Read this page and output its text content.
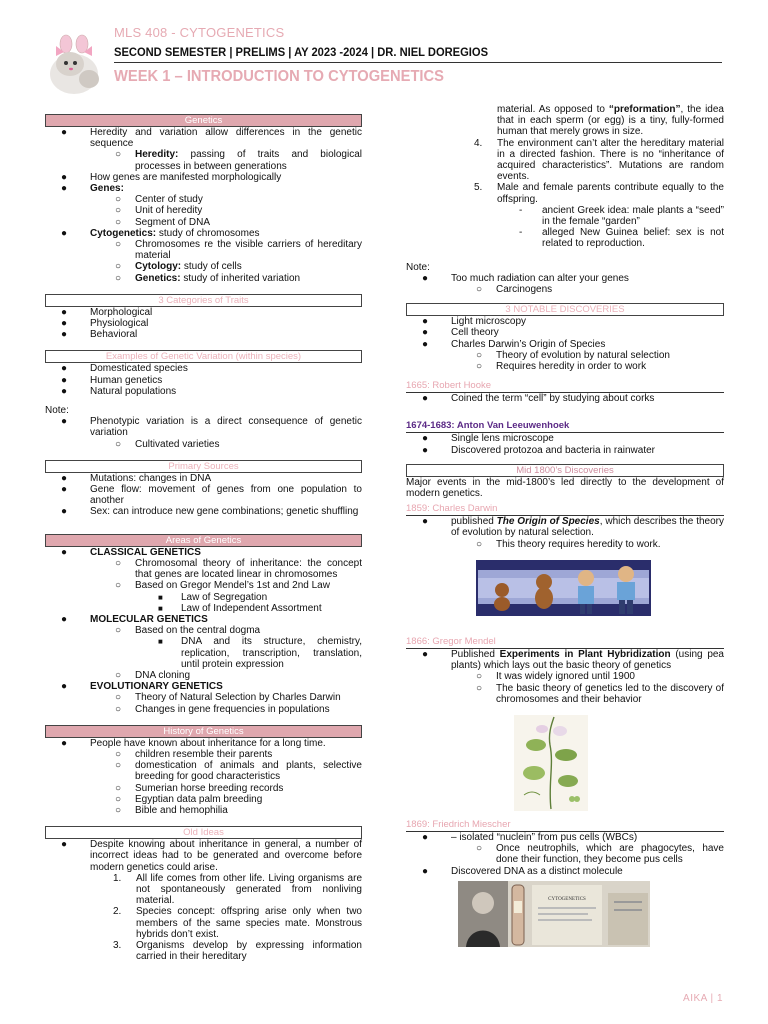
MLS 408 - CYTOGENETICS
SECOND SEMESTER | PRELIMS | AY 2023 -2024 | DR. NIEL DOREGIOS
WEEK 1 – INTRODUCTION TO CYTOGENETICS
Genetics
● Heredity and variation allow differences in the genetic sequence
○ Heredity: passing of traits and biological processes in between generations
● How genes are manifested morphologically
● Genes:
○ Center of study
○ Unit of heredity
○ Segment of DNA
● Cytogenetics: study of chromosomes
○ Chromosomes re the visible carriers of hereditary material
○ Cytology: study of cells
○ Genetics: study of inherited variation
3 Categories of Traits
● Morphological
● Physiological
● Behavioral
Examples of Genetic Variation (within species)
● Domesticated species
● Human genetics
● Natural populations
Note:
● Phenotypic variation is a direct consequence of genetic variation
○ Cultivated varieties
Primary Sources
● Mutations: changes in DNA
● Gene flow: movement of genes from one population to another
● Sex: can introduce new gene combinations; genetic shuffling
Areas of Genetics
● CLASSICAL GENETICS
○ Chromosomal theory of inheritance: the concept that genes are located linear in chromosomes
○ Based on Gregor Mendel’s 1st and 2nd Law
■ Law of Segregation
■ Law of Independent Assortment
● MOLECULAR GENETICS
○ Based on the central dogma
■ DNA and its structure, chemistry, replication, transcription, translation, until protein expression
○ DNA cloning
● EVOLUTIONARY GENETICS
○ Theory of Natural Selection by Charles Darwin
○ Changes in gene frequencies in populations
History of Genetics
● People have known about inheritance for a long time.
○ children resemble their parents
○ domestication of animals and plants, selective breeding for good characteristics
○ Sumerian horse breeding records
○ Egyptian data palm breeding
○ Bible and hemophilia
Old Ideas
● Despite knowing about inheritance in general, a number of incorrect ideas had to be generated and overcome before modern genetics could arise.
1. All life comes from other life. Living organisms are not spontaneously generated from nonliving material.
2. Species concept: offspring arise only when two members of the same species mate. Monstrous hybrids don’t exist.
3. Organisms develop by expressing information carried in their hereditary
material. As opposed to “preformation”, the idea that in each sperm (or egg) is a tiny, fully-formed human that merely grows in size.
4. The environment can’t alter the hereditary material in a directed fashion. There is no “inheritance of acquired characteristics”. Mutations are random events.
5. Male and female parents contribute equally to the offspring.
- ancient Greek idea: male plants a “seed” in the female “garden”
- alleged New Guinea belief: sex is not related to reproduction.
Note:
● Too much radiation can alter your genes
○ Carcinogens
3 NOTABLE DISCOVERIES
● Light microscopy
● Cell theory
● Charles Darwin’s Origin of Species
○ Theory of evolution by natural selection
○ Requires heredity in order to work
1665: Robert Hooke
● Coined the term “cell” by studying about corks
1674-1683: Anton Van Leeuwenhoek
● Single lens microscope
● Discovered protozoa and bacteria in rainwater
Mid 1800’s Discoveries
Major events in the mid-1800’s led directly to the development of modern genetics.
1859: Charles Darwin
● published The Origin of Species, which describes the theory of evolution by natural selection.
○ This theory requires heredity to work.
1866: Gregor Mendel
● Published Experiments in Plant Hybridization (using pea plants) which lays out the basic theory of genetics
○ It was widely ignored until 1900
○ The basic theory of genetics led to the discovery of chromosomes and their behavior
1869: Friedrich Miescher
● – isolated “nuclein” from pus cells (WBCs)
○ Once neutrophils, which are phagocytes, have done their function, they become pus cells
● Discovered DNA as a distinct molecule
CYTOGENETICS
AIKA | 1
